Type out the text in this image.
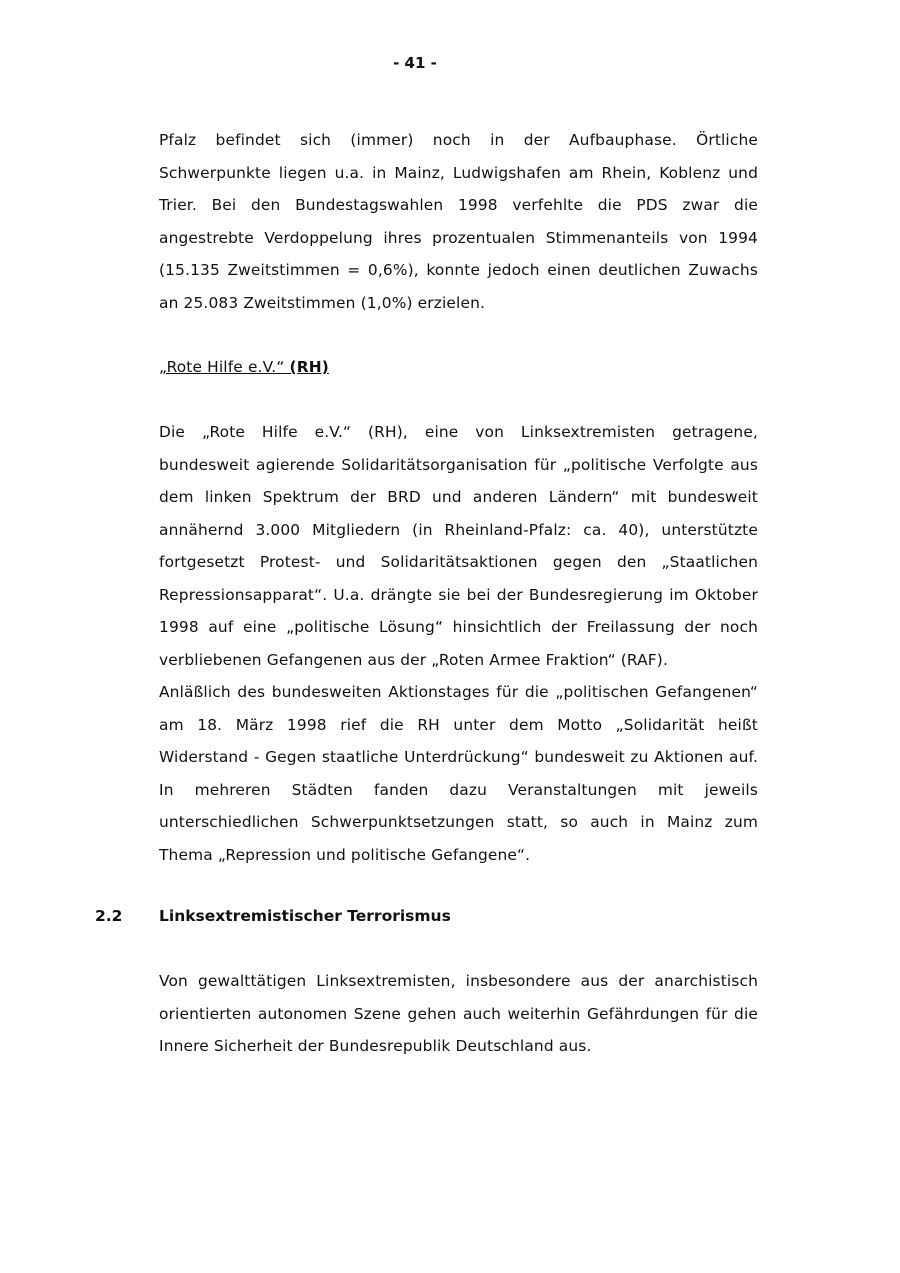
- 41 -

Pfalz befindet sich (immer) noch in der Aufbauphase. Örtliche Schwerpunkte liegen u.a. in Mainz, Ludwigshafen am Rhein, Koblenz und Trier. Bei den Bundestagswahlen 1998 verfehlte die PDS zwar die angestrebte Verdoppelung ihres prozentualen Stimmenanteils von 1994 (15.135 Zweitstimmen = 0,6%), konnte jedoch einen deutlichen Zuwachs an 25.083 Zweitstimmen (1,0%) erzielen.

„Rote Hilfe e.V.“ (RH)

Die „Rote Hilfe e.V.“ (RH), eine von Linksextremisten getragene, bundesweit agierende Solidaritätsorganisation für „politische Verfolgte aus dem linken Spektrum der BRD und anderen Ländern“ mit bundesweit annähernd 3.000 Mitgliedern (in Rheinland-Pfalz: ca. 40), unterstützte fortgesetzt Protest- und Solidaritätsaktionen gegen den „Staatlichen Repressionsapparat“. U.a. drängte sie bei der Bundesregierung im Oktober 1998 auf eine „politische Lösung“ hinsichtlich der Freilassung der noch verbliebenen Gefangenen aus der „Roten Armee Fraktion“ (RAF).

Anläßlich des bundesweiten Aktionstages für die „politischen Gefangenen“ am 18. März 1998 rief die RH unter dem Motto „Solidarität heißt Widerstand - Gegen staatliche Unterdrückung“ bundesweit zu Aktionen auf. In mehreren Städten fanden dazu Veranstaltungen mit jeweils unterschiedlichen Schwerpunktsetzungen statt, so auch in Mainz zum Thema „Repression und politische Gefangene“.

2.2 Linksextremistischer Terrorismus

Von gewalttätigen Linksextremisten, insbesondere aus der anarchistisch orientierten autonomen Szene gehen auch weiterhin Gefährdungen für die Innere Sicherheit der Bundesrepublik Deutschland aus.
